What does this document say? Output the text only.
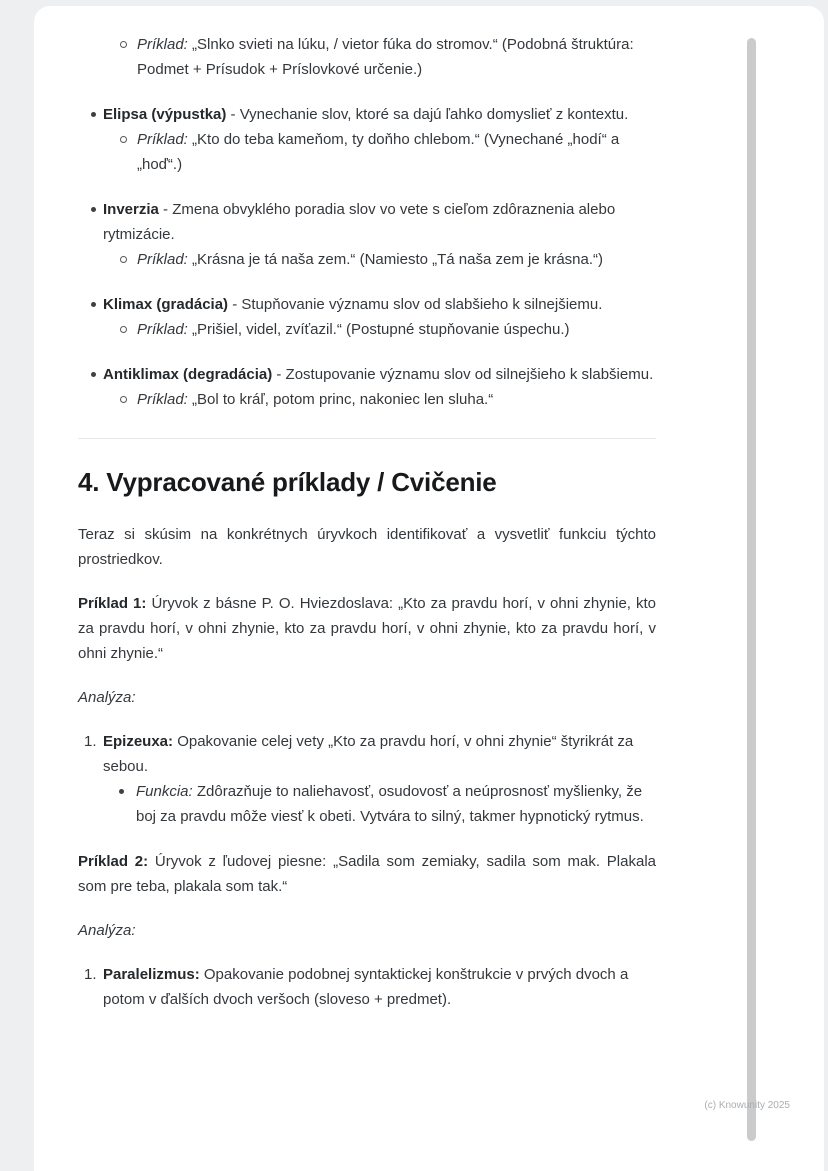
Príklad: „Slnko svieti na lúku, / vietor fúka do stromov.“ (Podobná štruktúra: Podmet + Prísudok + Príslovkové určenie.)

Elipsa (výpustka) - Vynechanie slov, ktoré sa dajú ľahko domyslieť z kontextu.

Príklad: „Kto do teba kameňom, ty doňho chlebom.“ (Vynechané „hodí“ a „hoď“.)

Inverzia - Zmena obvyklého poradia slov vo vete s cieľom zdôraznenia alebo rytmizácie.

Príklad: „Krásna je tá naša zem.“ (Namiesto „Tá naša zem je krásna.“)

Klimax (gradácia) - Stupňovanie významu slov od slabšieho k silnejšiemu.

Príklad: „Prišiel, videl, zvíťazil.“ (Postupné stupňovanie úspechu.)

Antiklimax (degradácia) - Zostupovanie významu slov od silnejšieho k slabšiemu.

Príklad: „Bol to kráľ, potom princ, nakoniec len sluha.“

4. Vypracované príklady / Cvičenie

Teraz si skúsim na konkrétnych úryvkoch identifikovať a vysvetliť funkciu týchto prostriedkov.

Príklad 1: Úryvok z básne P. O. Hviezdoslava: „Kto za pravdu horí, v ohni zhynie, kto za pravdu horí, v ohni zhynie, kto za pravdu horí, v ohni zhynie, kto za pravdu horí, v ohni zhynie.“

Analýza:

1. Epizeuxa: Opakovanie celej vety „Kto za pravdu horí, v ohni zhynie“ štyrikrát za sebou.

Funkcia: Zdôrazňuje to naliehavosť, osudovosť a neúprosnosť myšlienky, že boj za pravdu môže viesť k obeti. Vytvára to silný, takmer hypnotický rytmus.

Príklad 2: Úryvok z ľudovej piesne: „Sadila som zemiaky, sadila som mak. Plakala som pre teba, plakala som tak.“

Analýza:

1. Paralelizmus: Opakovanie podobnej syntaktickej konštrukcie v prvých dvoch a potom v ďalších dvoch veršoch (sloveso + predmet).

(c) Knowunity 2025
